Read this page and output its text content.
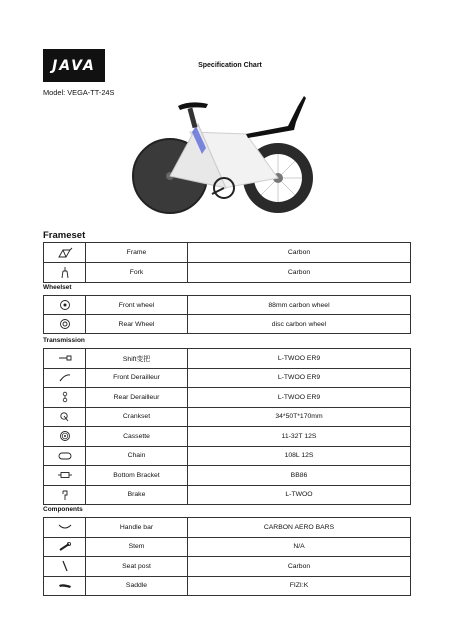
JAVA	Specification Chart
Model: VEGA-TT-24S
Frameset
	Frame	Carbon
	Fork	Carbon
Wheelset
	Front wheel	88mm carbon wheel
	Rear Wheel	disc carbon wheel
Transmission
	Shift变把	L-TWOO ER9
	Front Derailleur	L-TWOO ER9
	Rear Derailleur	L-TWOO ER9
	Crankset	34*50T*170mm
	Cassette	11-32T 12S
	Chain	108L 12S
	Bottom Bracket	BB86
	Brake	L-TWOO
Components
	Handle bar	CARBON AERO BARS
	Stem	N/A
	Seat post	Carbon
	Saddle	FIZI:K
